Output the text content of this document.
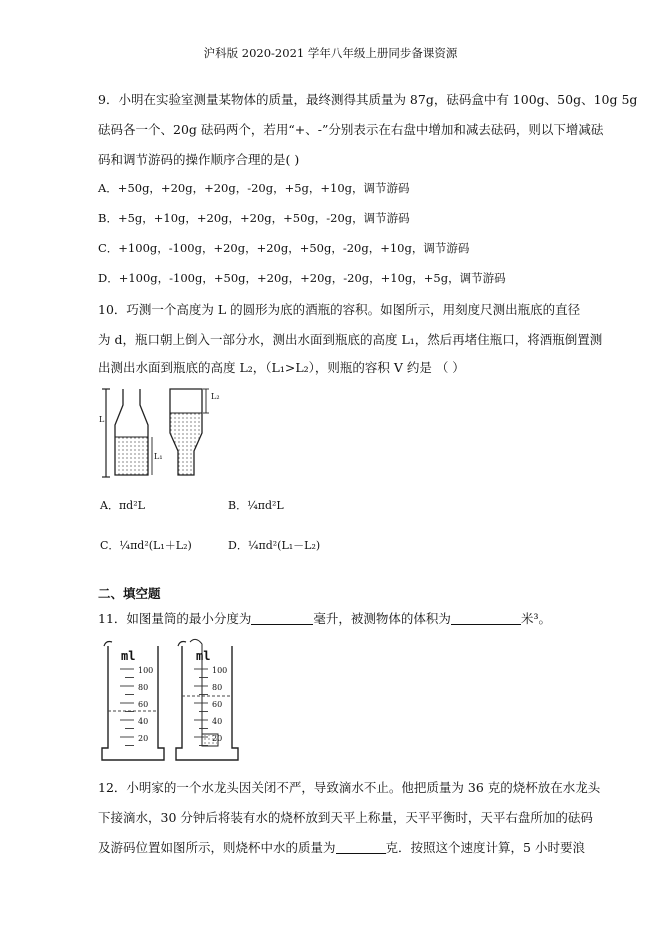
沪科版 2020-2021 学年八年级上册同步备课资源
9．小明在实验室测量某物体的质量，最终测得其质量为 87g，砝码盒中有 100g、50g、10g 5g
砝码各一个、20g 砝码两个，若用“+、-”分别表示在右盘中增加和减去砝码，则以下增减砝
码和调节游码的操作顺序合理的是( )
A．+50g，+20g，+20g，-20g，+5g，+10g，调节游码
B．+5g，+10g，+20g，+20g，+50g，-20g，调节游码
C．+100g，-100g，+20g，+20g，+50g，-20g，+10g，调节游码
D．+100g，-100g，+50g，+20g，+20g，-20g，+10g，+5g，调节游码
10．巧测一个高度为 L 的圆形为底的酒瓶的容积。如图所示，用刻度尺测出瓶底的直径
为 d，瓶口朝上倒入一部分水，测出水面到瓶底的高度 L₁，然后再堵住瓶口，将酒瓶倒置测
出测出水面到瓶底的高度 L₂，（L₁>L₂），则瓶的容积 V 约是 （ ）
L
L₁
L₂
A．πd²L	B．¼πd²L
C．¼πd²(L₁＋L₂)	D．¼πd²(L₁－L₂)
二、填空题
11．如图量筒的最小分度为	毫升，被测物体的体积为	米³。
ml
100
80
60
40
20
ml
100
80
60
40
20
12．小明家的一个水龙头因关闭不严，导致滴水不止。他把质量为 36 克的烧杯放在水龙头
下接滴水，30 分钟后将装有水的烧杯放到天平上称量，天平平衡时，天平右盘所加的砝码
及游码位置如图所示，则烧杯中水的质量为	克．按照这个速度计算，5 小时要浪
